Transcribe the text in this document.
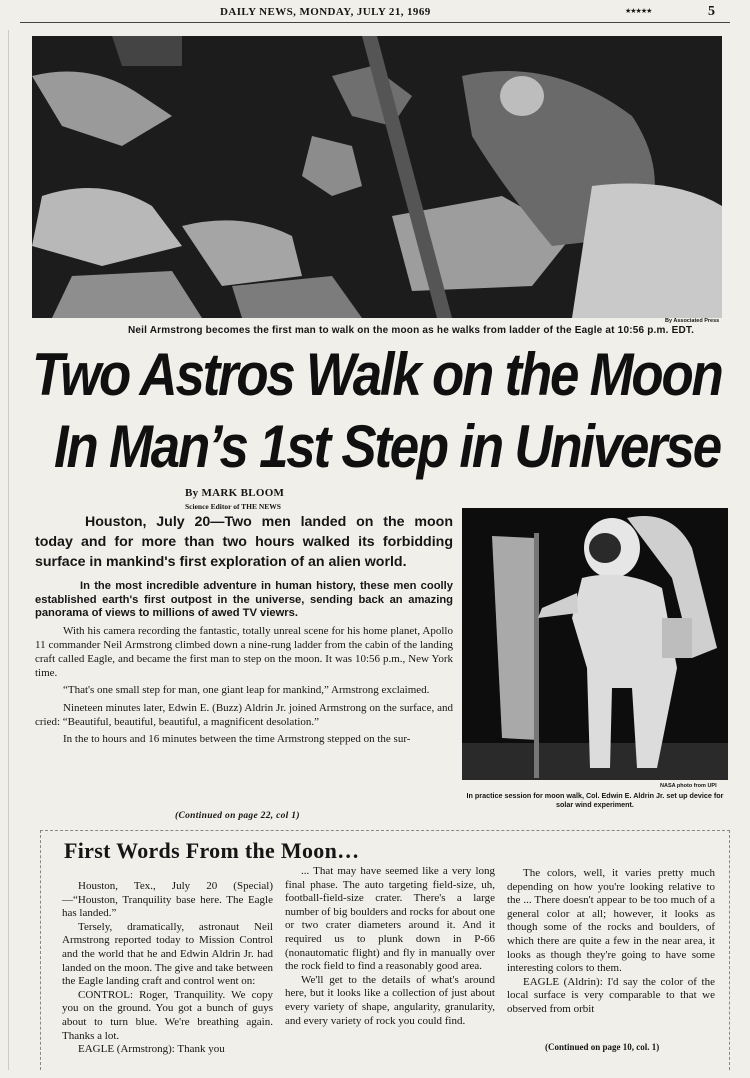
DAILY NEWS, MONDAY, JULY 21, 1969	★★★★★	5
By Associated Press
Neil Armstrong becomes the first man to walk on the moon as he walks from ladder of the Eagle at 10:56 p.m. EDT.
Two Astros Walk on the Moon
In Man’s 1st Step in Universe
By MARK BLOOM
Science Editor of THE NEWS

Houston, July 20—Two men landed on the moon today and for more than two hours walked its forbidding surface in mankind's first exploration of an alien world.

In the most incredible adventure in human history, these men coolly established earth's first outpost in the universe, sending back an amazing panorama of views to millions of awed TV viewrs.

With his camera recording the fantastic, totally unreal scene for his home planet, Apollo 11 commander Neil Armstrong climbed down a nine-rung ladder from the cabin of the landing craft called Eagle, and became the first man to step on the moon. It was 10:56 p.m., New York time.

“That's one small step for man, one giant leap for mankind,” Armstrong exclaimed.

Nineteen minutes later, Edwin E. (Buzz) Aldrin Jr. joined Armstrong on the surface, and cried: “Beautiful, beautiful, beautiful, a magnificent desolation.”

In the to hours and 16 minutes between the time Armstrong stepped on the sur-

(Continued on page 22, col 1)
NASA photo from UPI
In practice session for moon walk, Col. Edwin E. Aldrin Jr. set up device for solar wind experiment.
First Words From the Moon…

Houston, Tex., July 20 (Special)—“Houston, Tranquility base here. The Eagle has landed.”

Tersely, dramatically, astronaut Neil Armstrong reported today to Mission Control and the world that he and Edwin Aldrin Jr. had landed on the moon. The give and take between the Eagle landing craft and control went on:

CONTROL: Roger, Tranquility. We copy you on the ground. You got a bunch of guys about to turn blue. We're breathing again. Thanks a lot.

EAGLE (Armstrong): Thank you

... That may have seemed like a very long final phase. The auto targeting field-size, uh, football-field-size crater. There's a large number of big boulders and rocks for about one or two crater diameters around it. And it required us to plunk down in P-66 (nonautomatic flight) and fly in manually over the rock field to find a reasonably good area.

We'll get to the details of what's around here, but it looks like a collection of just about every variety of shape, angularity, granularity, and every variety of rock you could find.

The colors, well, it varies pretty much depending on how you're looking relative to the ... There doesn't appear to be too much of a general color at all; however, it looks as though some of the rocks and boulders, of which there are quite a few in the near area, it looks as though they're going to have some interesting colors to them.

EAGLE (Aldrin): I'd say the color of the local surface is very comparable to that we observed from orbit

(Continued on page 10, col. 1)
